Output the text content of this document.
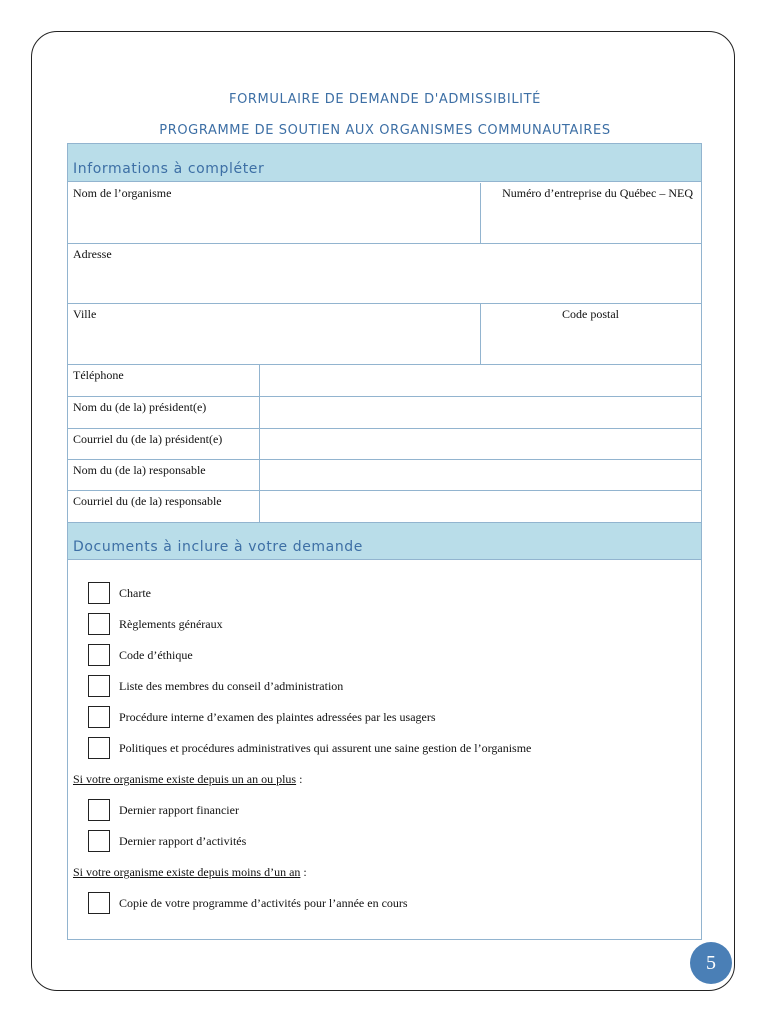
FORMULAIRE DE DEMANDE D'ADMISSIBILITÉ
PROGRAMME DE SOUTIEN AUX ORGANISMES COMMUNAUTAIRES
Informations à compléter
Nom de l’organisme	Numéro d’entreprise du Québec – NEQ
Adresse
Ville	Code postal
Téléphone
Nom du (de la) président(e)
Courriel du (de la) président(e)
Nom du (de la) responsable
Courriel du (de la) responsable
Documents à inclure à votre demande
Charte
Règlements généraux
Code d’éthique
Liste des membres du conseil d’administration
Procédure interne d’examen des plaintes adressées par les usagers
Politiques et procédures administratives qui assurent une saine gestion de l’organisme
Si votre organisme existe depuis un an ou plus :
Dernier rapport financier
Dernier rapport d’activités
Si votre organisme existe depuis moins d’un an :
Copie de votre programme d’activités pour l’année en cours
5
